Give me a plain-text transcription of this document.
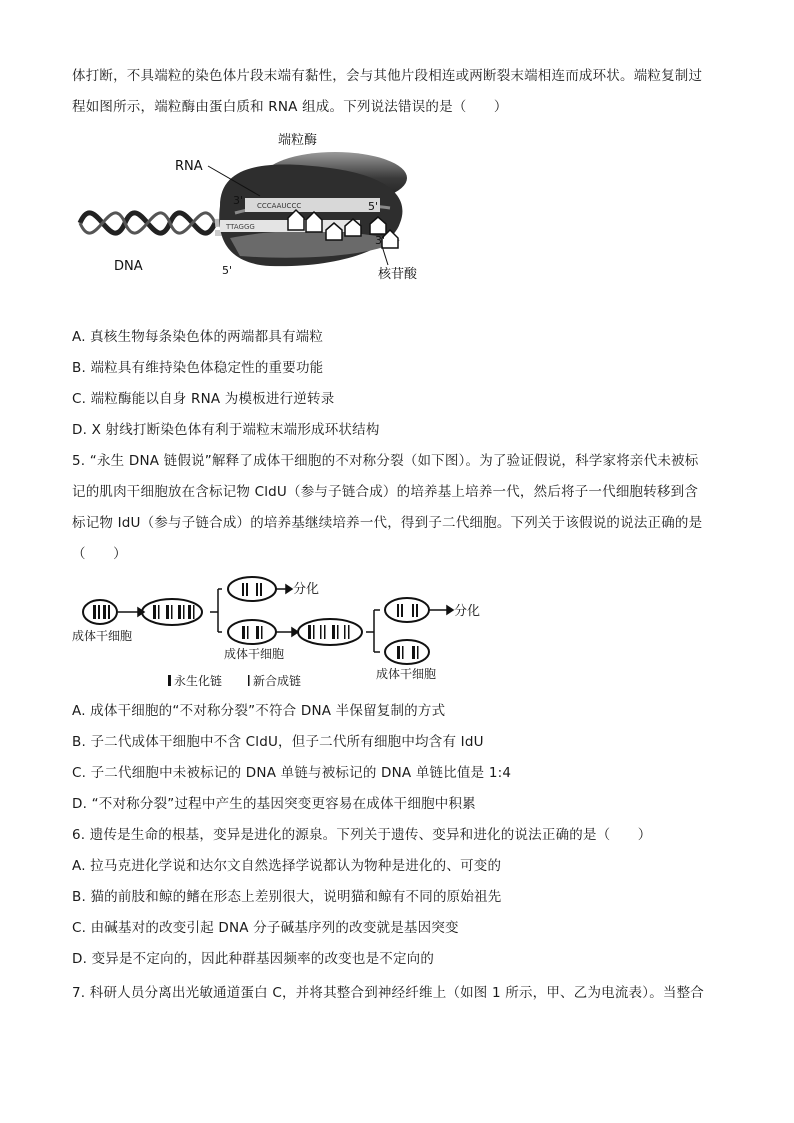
体打断，不具端粒的染色体片段末端有黏性，会与其他片段相连或两断裂末端相连而成环状。端粒复制过
程如图所示，端粒酶由蛋白质和 RNA 组成。下列说法错误的是（　　）
CCCAAUCCC
TTAGGG
端粒酶
RNA
DNA
核苷酸
3'	5'
3'
5'
A. 真核生物每条染色体的两端都具有端粒
B. 端粒具有维持染色体稳定性的重要功能
C. 端粒酶能以自身 RNA 为模板进行逆转录
D. X 射线打断染色体有利于端粒末端形成环状结构
5. “永生 DNA 链假说”解释了成体干细胞的不对称分裂（如下图）。为了验证假说，科学家将亲代未被标
记的肌肉干细胞放在含标记物 CldU（参与子链合成）的培养基上培养一代，然后将子一代细胞转移到含
标记物 IdU（参与子链合成）的培养基继续培养一代，得到子二代细胞。下列关于该假说的说法正确的是
（　　）
分化
分化
成体干细胞
成体干细胞
成体干细胞
永生化链	新合成链
A. 成体干细胞的“不对称分裂”不符合 DNA 半保留复制的方式
B. 子二代成体干细胞中不含 CldU，但子二代所有细胞中均含有 IdU
C. 子二代细胞中未被标记的 DNA 单链与被标记的 DNA 单链比值是 1:4
D. “不对称分裂”过程中产生的基因突变更容易在成体干细胞中积累
6. 遗传是生命的根基，变异是进化的源泉。下列关于遗传、变异和进化的说法正确的是（　　）
A. 拉马克进化学说和达尔文自然选择学说都认为物种是进化的、可变的
B. 猫的前肢和鲸的鳍在形态上差别很大，说明猫和鲸有不同的原始祖先
C. 由碱基对的改变引起 DNA 分子碱基序列的改变就是基因突变
D. 变异是不定向的，因此种群基因频率的改变也是不定向的
7. 科研人员分离出光敏通道蛋白 C，并将其整合到神经纤维上（如图 1 所示，甲、乙为电流表）。当整合
